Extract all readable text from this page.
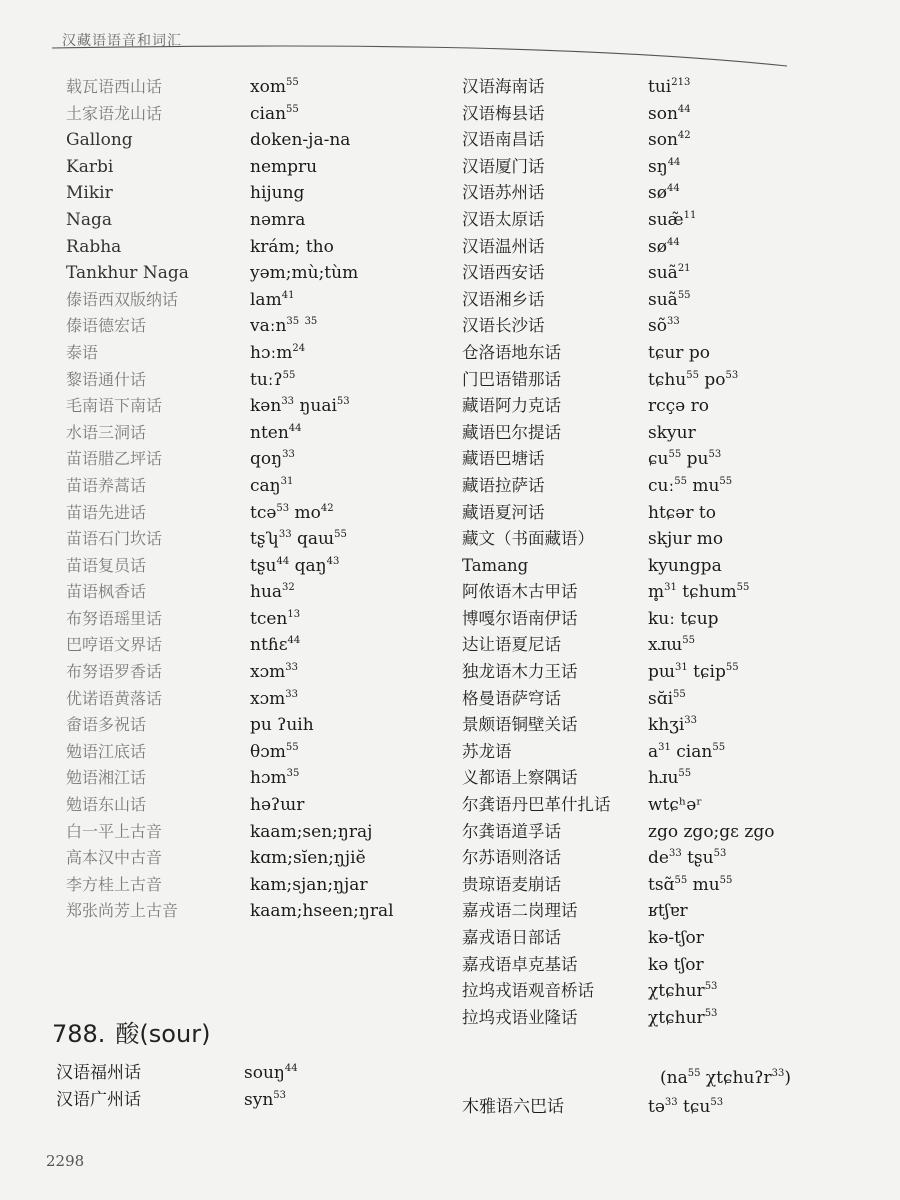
汉藏语语音和词汇
载瓦语西山话	xom$^{55}$
土家语龙山话	cian$^{55}$
Gallong	doken-ja-na
Karbi	nempru
Mikir	hijung
Naga	nəmra
Rabha	krám; tho
Tankhur Naga	yəm;mù;tùm
傣语西双版纳话	lam$^{41}$
傣语德宏话	vaːn$^{35}$ $^{35}$
泰语	hɔːm$^{24}$
黎语通什话	tuːʔ$^{55}$
毛南语下南话	kən$^{33}$ ŋuai$^{53}$
水语三洞话	nten$^{44}$
苗语腊乙坪话	qoŋ$^{33}$
苗语养蒿话	caŋ$^{31}$
苗语先进话	tcə$^{53}$ $mo^{42}$
苗语石门坎话	tʂʮ$^{33}$ qaɯ$^{55}$
苗语复员话	tʂu$^{44}$ qaŋ$^{43}$
苗语枫香话	hua$^{32}$
布努语瑶里话	tcen$^{13}$
巴哼语文界话	ntɦɛ$^{44}$
布努语罗香话	xɔm$^{33}$
优诺语黄落话	xɔm$^{33}$
畲语多祝话	pu ʔuih
勉语江底话	θɔm$^{55}$
勉语湘江话	hɔm$^{35}$
勉语东山话	həʔɯr
白一平上古音	kaam;sen;ŋraj
高本汉中古音	kɑm;sĭen;ŋjiĕ
李方桂上古音	kam;sjan;ŋjar
郑张尚芳上古音	kaam;hseen;ŋral
788. 酸(sour)
汉语福州话	souŋ$^{44}$
汉语广州话	syn$^{53}$
汉语海南话	tui$^{213}$
汉语梅县话	son$^{44}$
汉语南昌话	son$^{42}$
汉语厦门话	$sŋ^{44}$
汉语苏州话	$sø^{44}$
汉语太原话	suæ̃$^{11}$
汉语温州话	$sø^{44}$
汉语西安话	suã$^{21}$
汉语湘乡话	suã$^{55}$
汉语长沙话	$sõ^{33}$
仓洛语地东话	tɕur po
门巴语错那话	tɕhu$^{55}$ $po^{53}$
藏语阿力克话	rcçə ro
藏语巴尔提话	skyur
藏语巴塘话	ɕu$^{55}$ $pu^{53}$
藏语拉萨话	cuː$^{55}$ $mu^{55}$
藏语夏河话	htɕər to
藏文（书面藏语）	skjur mo
Tamang	kyungpa
阿侬语木古甲话	m̥$^{31}$ tɕhum$^{55}$
博嘎尔语南伊话	kuː tɕup
达让语夏尼话	xɹɯ$^{55}$
独龙语木力王话	pɯ$^{31}$ tɕip$^{55}$
格曼语萨穹话	$sɑ̆i^{55}$
景颇语铜壁关话	khʒi$^{33}$
苏龙语	$a^{31}$ cian$^{55}$
义都语上察隅话	hɹu$^{55}$
尔龚语丹巴革什扎话 wtɕʰəʳ
尔龚语道孚话	zgo zgo;gɛ zgo
尔苏语则洛话	$de^{33}$ tʂu$^{53}$
贵琼语麦崩话	tsɑ̃$^{55}$ $mu^{55}$
嘉戎语二岗理话	ʁtʃɐr
嘉戎语日部话	kə-tʃor
嘉戎语卓克基话	kə tʃor
拉坞戎语观音桥话	χtɕhur$^{53}$
拉坞戎语业隆话	χtɕhur$^{53}$
($na^{55}$ χtɕhuʔr$^{33}$)
木雅语六巴话	tə$^{33}$ tɕu$^{53}$
2298
